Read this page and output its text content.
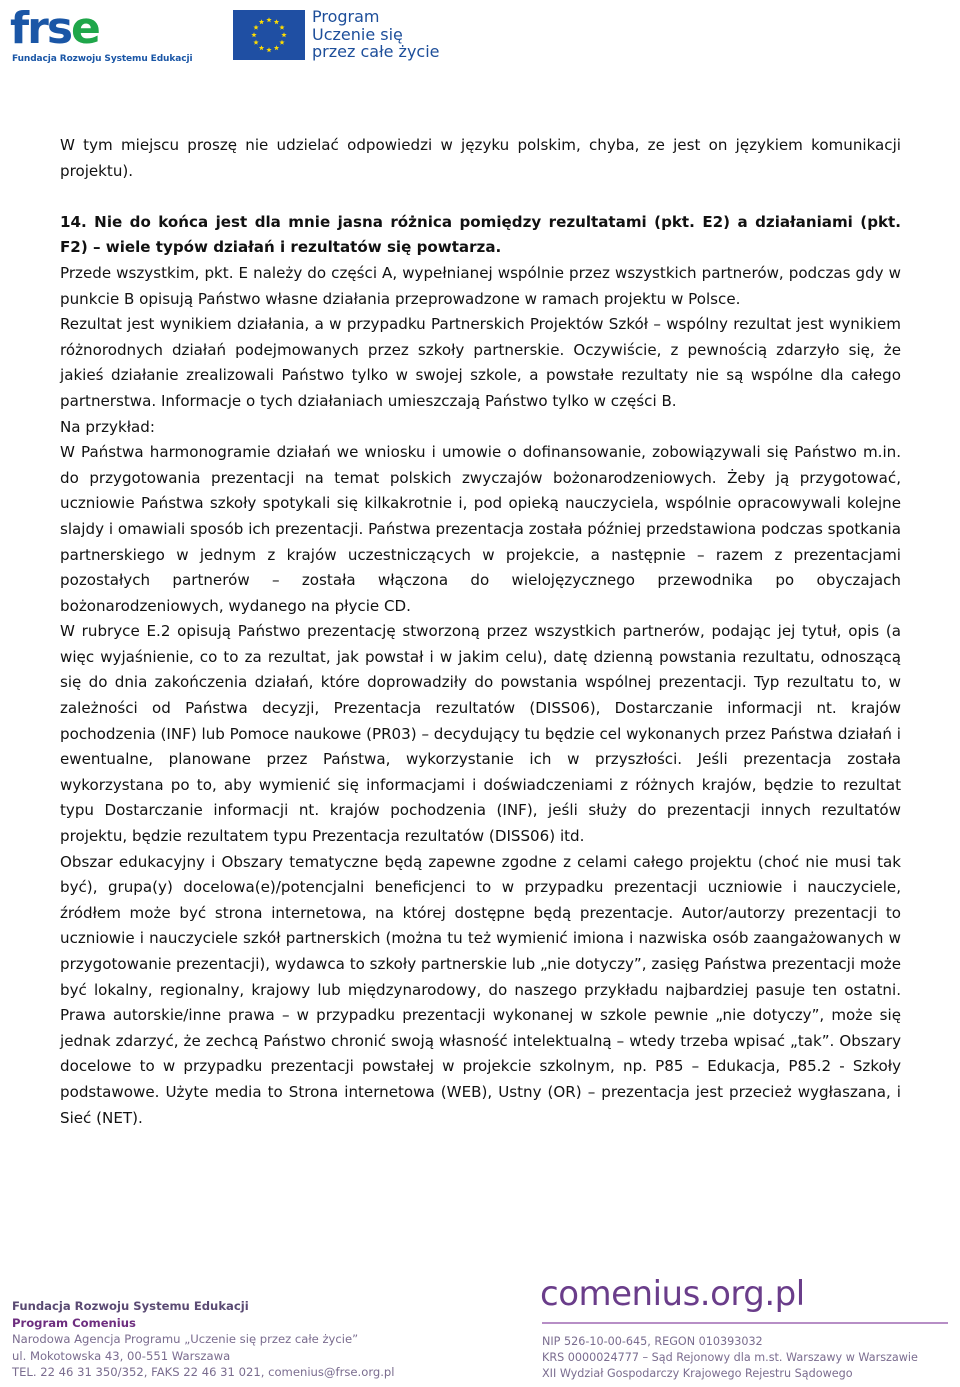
frse
Fundacja Rozwoju Systemu Edukacji
Program
Uczenie się
przez całe życie

W tym miejscu proszę nie udzielać odpowiedzi w języku polskim, chyba, ze jest on językiem komunikacji projektu).

14. Nie do końca jest dla mnie jasna różnica pomiędzy rezultatami (pkt. E2) a działaniami (pkt. F2) – wiele typów działań i rezultatów się powtarza.

Przede wszystkim, pkt. E należy do części A, wypełnianej wspólnie przez wszystkich partnerów, podczas gdy w punkcie B opisują Państwo własne działania przeprowadzone w ramach projektu w Polsce.

Rezultat jest wynikiem działania, a w przypadku Partnerskich Projektów Szkół – wspólny rezultat jest wynikiem różnorodnych działań podejmowanych przez szkoły partnerskie. Oczywiście, z pewnością zdarzyło się, że jakieś działanie zrealizowali Państwo tylko w swojej szkole, a powstałe rezultaty nie są wspólne dla całego partnerstwa. Informacje o tych działaniach umieszczają Państwo tylko w części B.

Na przykład:

W Państwa harmonogramie działań we wniosku i umowie o dofinansowanie, zobowiązywali się Państwo m.in. do przygotowania prezentacji na temat polskich zwyczajów bożonarodzeniowych. Żeby ją przygotować, uczniowie Państwa szkoły spotykali się kilkakrotnie i, pod opieką nauczyciela, wspólnie opracowywali kolejne slajdy i omawiali sposób ich prezentacji. Państwa prezentacja została później przedstawiona podczas spotkania partnerskiego w jednym z krajów uczestniczących w projekcie, a następnie – razem z prezentacjami pozostałych partnerów – została włączona do wielojęzycznego przewodnika po obyczajach bożonarodzeniowych, wydanego na płycie CD.

W rubryce E.2 opisują Państwo prezentację stworzoną przez wszystkich partnerów, podając jej tytuł, opis (a więc wyjaśnienie, co to za rezultat, jak powstał i w jakim celu), datę dzienną powstania rezultatu, odnoszącą się do dnia zakończenia działań, które doprowadziły do powstania wspólnej prezentacji. Typ rezultatu to, w zależności od Państwa decyzji, Prezentacja rezultatów (DISS06), Dostarczanie informacji nt. krajów pochodzenia (INF) lub Pomoce naukowe (PR03) – decydujący tu będzie cel wykonanych przez Państwa działań i ewentualne, planowane przez Państwa, wykorzystanie ich w przyszłości. Jeśli prezentacja została wykorzystana po to, aby wymienić się informacjami i doświadczeniami z różnych krajów, będzie to rezultat typu Dostarczanie informacji nt. krajów pochodzenia (INF), jeśli służy do prezentacji innych rezultatów projektu, będzie rezultatem typu Prezentacja rezultatów (DISS06) itd.

Obszar edukacyjny i Obszary tematyczne będą zapewne zgodne z celami całego projektu (choć nie musi tak być), grupa(y) docelowa(e)/potencjalni beneficjenci to w przypadku prezentacji uczniowie i nauczyciele, źródłem może być strona internetowa, na której dostępne będą prezentacje. Autor/autorzy prezentacji to uczniowie i nauczyciele szkół partnerskich (można tu też wymienić imiona i nazwiska osób zaangażowanych w przygotowanie prezentacji), wydawca to szkoły partnerskie lub „nie dotyczy”, zasięg Państwa prezentacji może być lokalny, regionalny, krajowy lub międzynarodowy, do naszego przykładu najbardziej pasuje ten ostatni. Prawa autorskie/inne prawa – w przypadku prezentacji wykonanej w szkole pewnie „nie dotyczy”, może się jednak zdarzyć, że zechcą Państwo chronić swoją własność intelektualną – wtedy trzeba wpisać „tak”. Obszary docelowe to w przypadku prezentacji powstałej w projekcie szkolnym, np. P85 – Edukacja, P85.2 - Szkoły podstawowe. Użyte media to Strona internetowa (WEB), Ustny (OR) – prezentacja jest przecież wygłaszana, i Sieć (NET).

Fundacja Rozwoju Systemu Edukacji
Program Comenius
Narodowa Agencja Programu „Uczenie się przez całe życie”
ul. Mokotowska 43, 00-551 Warszawa
TEL. 22 46 31 350/352, FAKS 22 46 31 021, comenius@frse.org.pl
comenius.org.pl
NIP 526-10-00-645, REGON 010393032
KRS 0000024777 – Sąd Rejonowy dla m.st. Warszawy w Warszawie
XII Wydział Gospodarczy Krajowego Rejestru Sądowego
